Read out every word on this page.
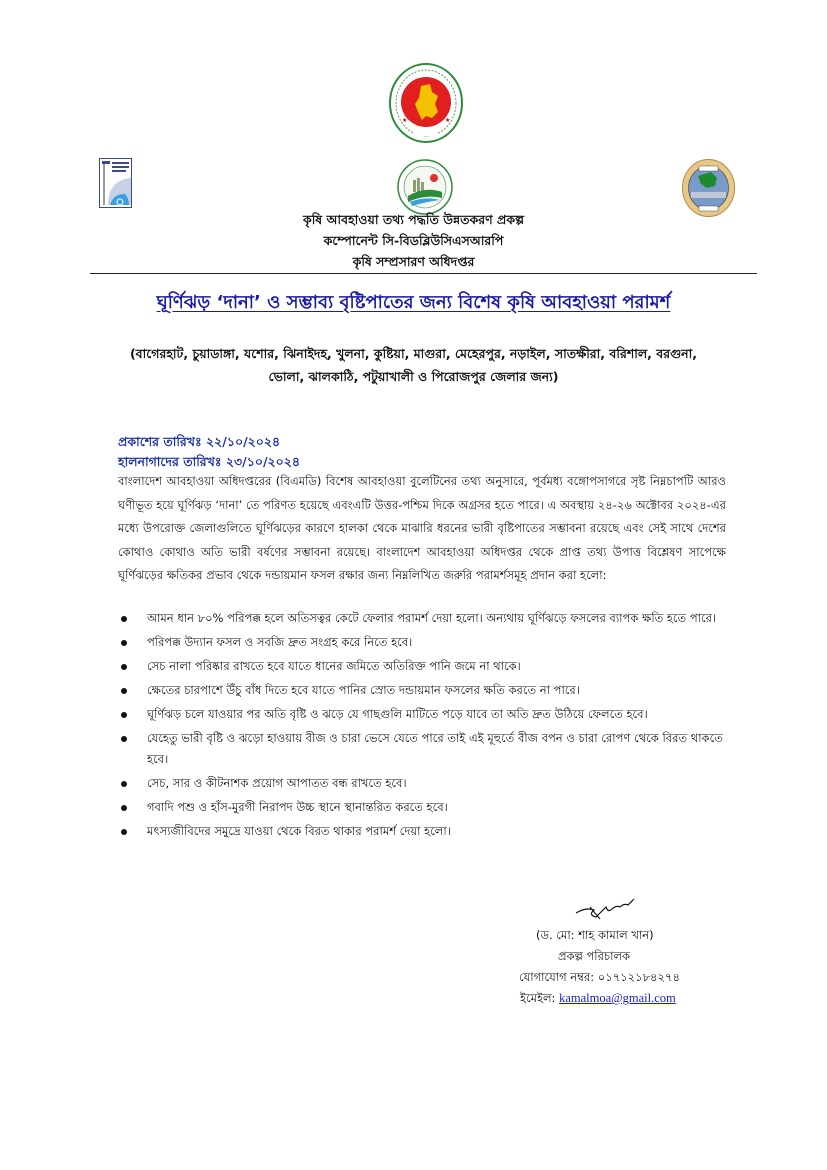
★	★
কৃষি আবহাওয়া তথ্য পদ্ধতি উন্নতকরণ প্রকল্প
কম্পোনেন্ট সি-বিডব্লিউসিএসআরপি
কৃষি সম্প্রসারণ অধিদপ্তর
ঘূর্ণিঝড় ‘দানা’ ও সম্ভাব্য বৃষ্টিপাতের জন্য বিশেষ কৃষি আবহাওয়া পরামর্শ
(বাগেরহাট, চুয়াডাঙ্গা, যশোর, ঝিনাইদহ, খুলনা, কুষ্টিয়া, মাগুরা, মেহেরপুর, নড়াইল, সাতক্ষীরা, বরিশাল, বরগুনা, ভোলা, ঝালকাঠি, পটুয়াখালী ও পিরোজপুর জেলার জন্য)
প্রকাশের তারিখঃ ২২/১০/২০২৪
হালনাগাদের তারিখঃ ২৩/১০/২০২৪
বাংলাদেশ আবহাওয়া অধিদপ্তরের (বিএমডি) বিশেষ আবহাওয়া বুলেটিনের তথ্য অনুসারে, পূর্বমধ্য বঙ্গোপসাগরে সৃষ্ট নিম্নচাপটি আরও ঘণীভূত হয়ে ঘূর্ণিঝড় ‘দানা’ তে পরিণত হয়েছে এবংএটি উত্তর-পশ্চিম দিকে অগ্রসর হতে পারে। এ অবস্থায় ২৪-২৬ অক্টোবর ২০২৪-এর মধ্যে উপরোক্ত জেলাগুলিতে ঘূর্ণিঝড়ের কারণে হালকা থেকে মাঝারি ধরনের ভারী বৃষ্টিপাতের সম্ভাবনা রয়েছে এবং সেই সাথে দেশের কোথাও কোথাও অতি ভারী বর্ষণের সম্ভাবনা রয়েছে। বাংলাদেশ আবহাওয়া অধিদপ্তর থেকে প্রাপ্ত তথ্য উপাত্ত বিশ্লেষণ সাপেক্ষে ঘূর্ণিঝড়ের ক্ষতিকর প্রভাব থেকে দন্ডায়মান ফসল রক্ষার জন্য নিম্নলিখিত জরুরি পরামর্শসমূহ প্রদান করা হলো:
আমন ধান ৮০% পরিপক্ক হলে অতিসত্বর কেটে ফেলার পরামর্শ দেয়া হলো। অন্যথায় ঘূর্ণিঝড়ে ফসলের ব্যাপক ক্ষতি হতে পারে।
পরিপক্ক উদ্যান ফসল ও সবজি দ্রুত সংগ্রহ করে নিতে হবে।
সেচ নালা পরিষ্কার রাখতে হবে যাতে ধানের জমিতে অতিরিক্ত পানি জমে না থাকে।
ক্ষেতের চারপাশে উঁচু বাঁধ দিতে হবে যাতে পানির স্রোত দন্ডায়মান ফসলের ক্ষতি করতে না পারে।
ঘূর্ণিঝড় চলে যাওয়ার পর অতি বৃষ্টি ও ঝড়ে যে গাছগুলি মাটিতে পড়ে যাবে তা অতি দ্রুত উঠিয়ে ফেলতে হবে।
যেহেতু ভারী বৃষ্টি ও ঝড়ো হাওয়ায় বীজ ও চারা ভেসে যেতে পারে তাই এই মূহুর্তে বীজ বপন ও চারা রোপণ থেকে বিরত থাকতে হবে।
সেচ, সার ও কীটনাশক প্রয়োগ আপাতত বন্ধ রাখতে হবে।
গবাদি পশু ও হাঁস-মুরগী নিরাপদ উচ্চ স্থানে স্থানান্তরিত করতে হবে।
মৎস্যজীবিদের সমুদ্রে যাওয়া থেকে বিরত থাকার পরামর্শ দেয়া হলো।
(ড. মো: শাহ কামাল খান)
প্রকল্প পরিচালক
যোগাযোগ নম্বর: ০১৭১২১৮৪২৭৪
ইমেইল: kamalmoa@gmail.com
